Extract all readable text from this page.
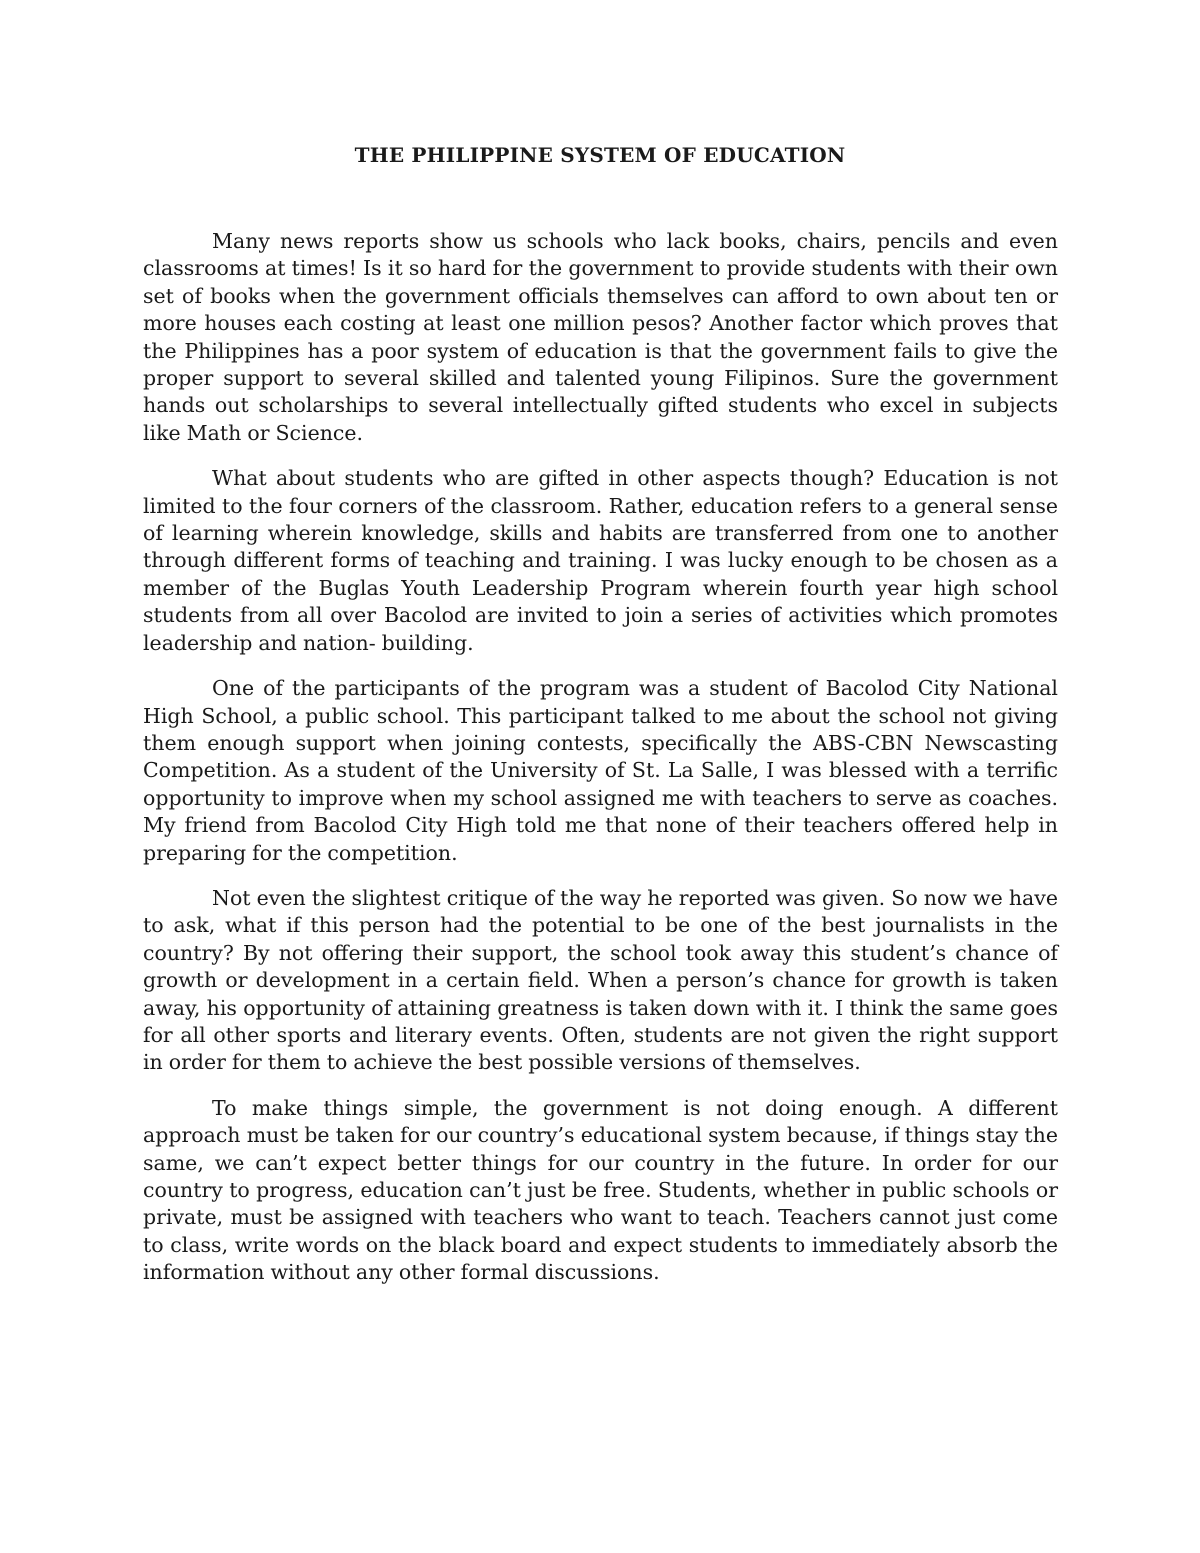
THE PHILIPPINE SYSTEM OF EDUCATION

Many news reports show us schools who lack books, chairs, pencils and even classrooms at times! Is it so hard for the government to provide students with their own set of books when the government officials themselves can afford to own about ten or more houses each costing at least one million pesos? Another factor which proves that the Philippines has a poor system of education is that the government fails to give the proper support to several skilled and talented young Filipinos. Sure the government hands out scholarships to several intellectually gifted students who excel in subjects like Math or Science.

What about students who are gifted in other aspects though? Education is not limited to the four corners of the classroom. Rather, education refers to a general sense of learning wherein knowledge, skills and habits are transferred from one to another through different forms of teaching and training. I was lucky enough to be chosen as a member of the Buglas Youth Leadership Program wherein fourth year high school students from all over Bacolod are invited to join a series of activities which promotes leadership and nation- building.

One of the participants of the program was a student of Bacolod City National High School, a public school. This participant talked to me about the school not giving them enough support when joining contests, specifically the ABS-CBN Newscasting Competition. As a student of the University of St. La Salle, I was blessed with a terrific opportunity to improve when my school assigned me with teachers to serve as coaches. My friend from Bacolod City High told me that none of their teachers offered help in preparing for the competition.

Not even the slightest critique of the way he reported was given. So now we have to ask, what if this person had the potential to be one of the best journalists in the country? By not offering their support, the school took away this student’s chance of growth or development in a certain field. When a person’s chance for growth is taken away, his opportunity of attaining greatness is taken down with it. I think the same goes for all other sports and literary events. Often, students are not given the right support in order for them to achieve the best possible versions of themselves.

To make things simple, the government is not doing enough. A different approach must be taken for our country’s educational system because, if things stay the same, we can’t expect better things for our country in the future. In order for our country to progress, education can’t just be free. Students, whether in public schools or private, must be assigned with teachers who want to teach. Teachers cannot just come to class, write words on the black board and expect students to immediately absorb the information without any other formal discussions.
